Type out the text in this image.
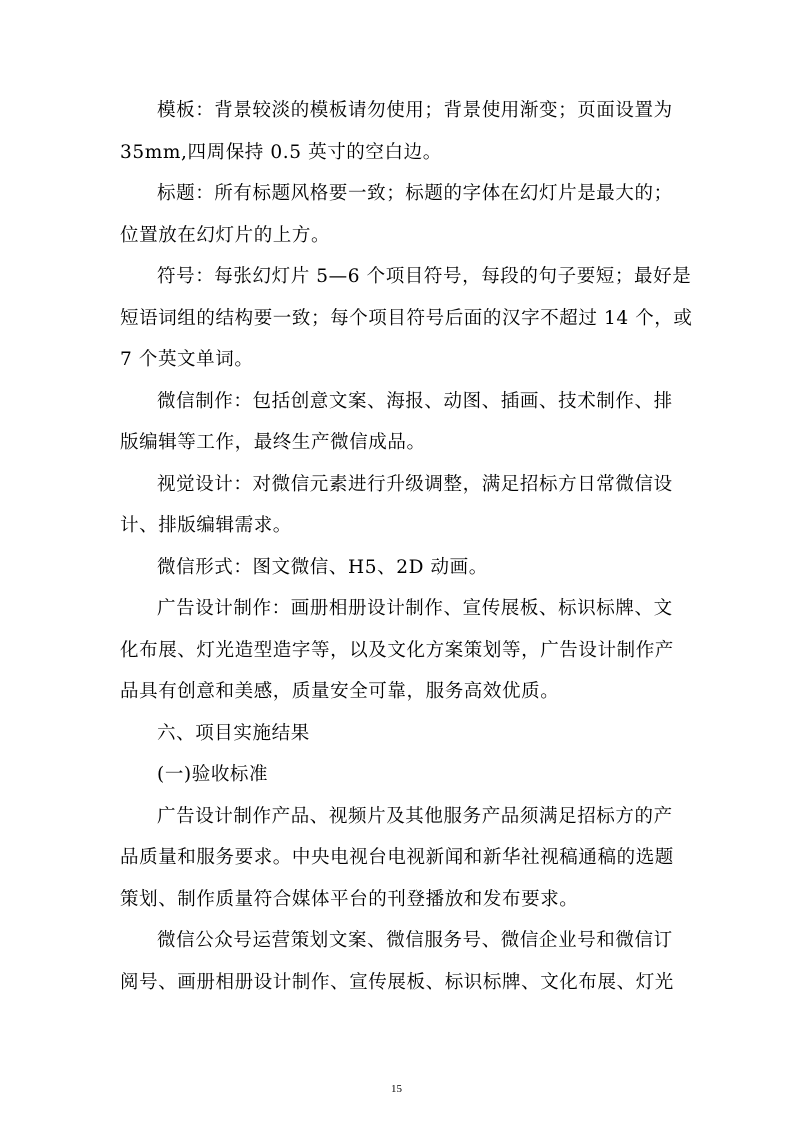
模板：背景较淡的模板请勿使用；背景使用渐变；页面设置为
35mm,四周保持 0.5 英寸的空白边。
标题：所有标题风格要一致；标题的字体在幻灯片是最大的；
位置放在幻灯片的上方。
符号：每张幻灯片 5—6 个项目符号，每段的句子要短；最好是
短语词组的结构要一致；每个项目符号后面的汉字不超过 14 个，或
7 个英文单词。
微信制作：包括创意文案、海报、动图、插画、技术制作、排
版编辑等工作，最终生产微信成品。
视觉设计：对微信元素进行升级调整，满足招标方日常微信设
计、排版编辑需求。
微信形式：图文微信、H5、2D 动画。
广告设计制作：画册相册设计制作、宣传展板、标识标牌、文
化布展、灯光造型造字等，以及文化方案策划等，广告设计制作产
品具有创意和美感，质量安全可靠，服务高效优质。
六、项目实施结果
(一)验收标准
广告设计制作产品、视频片及其他服务产品须满足招标方的产
品质量和服务要求。中央电视台电视新闻和新华社视稿通稿的选题
策划、制作质量符合媒体平台的刊登播放和发布要求。
微信公众号运营策划文案、微信服务号、微信企业号和微信订
阅号、画册相册设计制作、宣传展板、标识标牌、文化布展、灯光
15
